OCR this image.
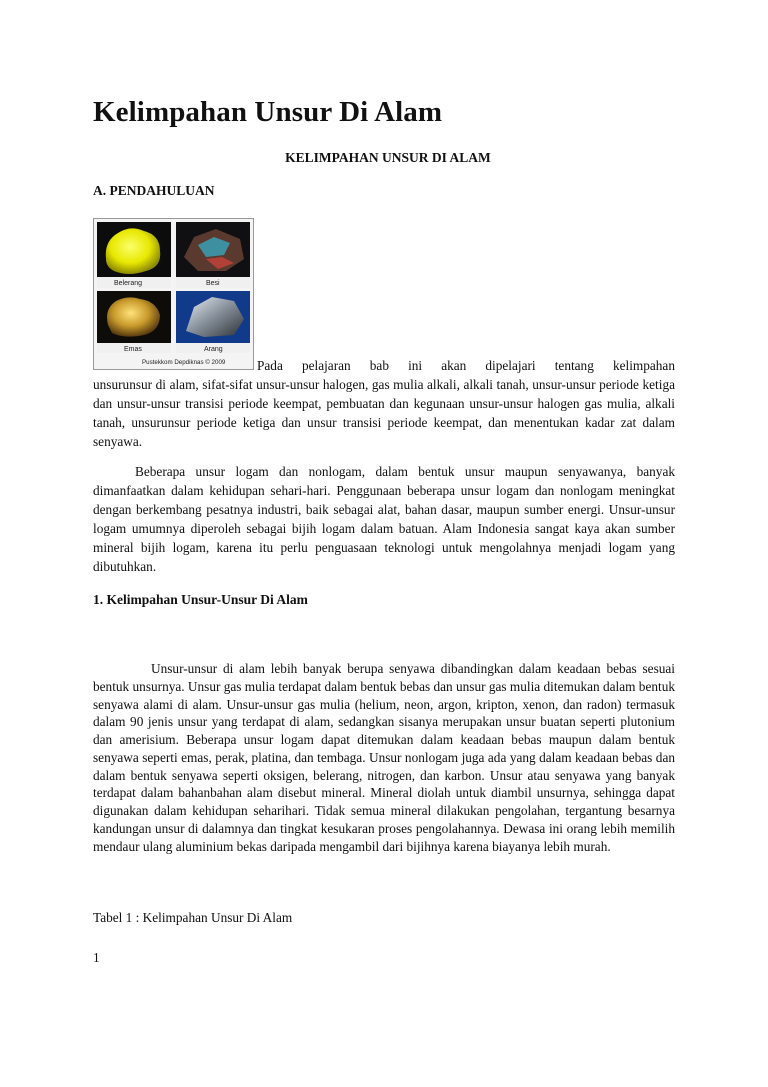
Kelimpahan Unsur Di Alam
KELIMPAHAN UNSUR DI ALAM
A. PENDAHULUAN
Belerang	Besi
Emas	Arang
Pustekkom Depdiknas © 2009	Pada pelajaran bab ini akan dipelajari tentang kelimpahan
unsurunsur di alam, sifat-sifat unsur-unsur halogen, gas mulia alkali, alkali tanah, unsur-unsur periode ketiga dan unsur-unsur transisi periode keempat, pembuatan dan kegunaan unsur-unsur halogen gas mulia, alkali tanah, unsurunsur periode ketiga dan unsur transisi periode keempat, dan menentukan kadar zat dalam senyawa.

Beberapa unsur logam dan nonlogam, dalam bentuk unsur maupun senyawanya, banyak dimanfaatkan dalam kehidupan sehari-hari. Penggunaan beberapa unsur logam dan nonlogam meningkat dengan berkembang pesatnya industri, baik sebagai alat, bahan dasar, maupun sumber energi. Unsur-unsur logam umumnya diperoleh sebagai bijih logam dalam batuan. Alam Indonesia sangat kaya akan sumber mineral bijih logam, karena itu perlu penguasaan teknologi untuk mengolahnya menjadi logam yang dibutuhkan.

1. Kelimpahan Unsur-Unsur Di Alam

Unsur-unsur di alam lebih banyak berupa senyawa dibandingkan dalam keadaan bebas sesuai bentuk unsurnya. Unsur gas mulia terdapat dalam bentuk bebas dan unsur gas mulia ditemukan dalam bentuk senyawa alami di alam. Unsur-unsur gas mulia (helium, neon, argon, kripton, xenon, dan radon) termasuk dalam 90 jenis unsur yang terdapat di alam, sedangkan sisanya merupakan unsur buatan seperti plutonium dan amerisium. Beberapa unsur logam dapat ditemukan dalam keadaan bebas maupun dalam bentuk senyawa seperti emas, perak, platina, dan tembaga. Unsur nonlogam juga ada yang dalam keadaan bebas dan dalam bentuk senyawa seperti oksigen, belerang, nitrogen, dan karbon. Unsur atau senyawa yang banyak terdapat dalam bahanbahan alam disebut mineral. Mineral diolah untuk diambil unsurnya, sehingga dapat digunakan dalam kehidupan seharihari. Tidak semua mineral dilakukan pengolahan, tergantung besarnya kandungan unsur di dalamnya dan tingkat kesukaran proses pengolahannya. Dewasa ini orang lebih memilih mendaur ulang aluminium bekas daripada mengambil dari bijihnya karena biayanya lebih murah.

Tabel 1 : Kelimpahan Unsur Di Alam
1
